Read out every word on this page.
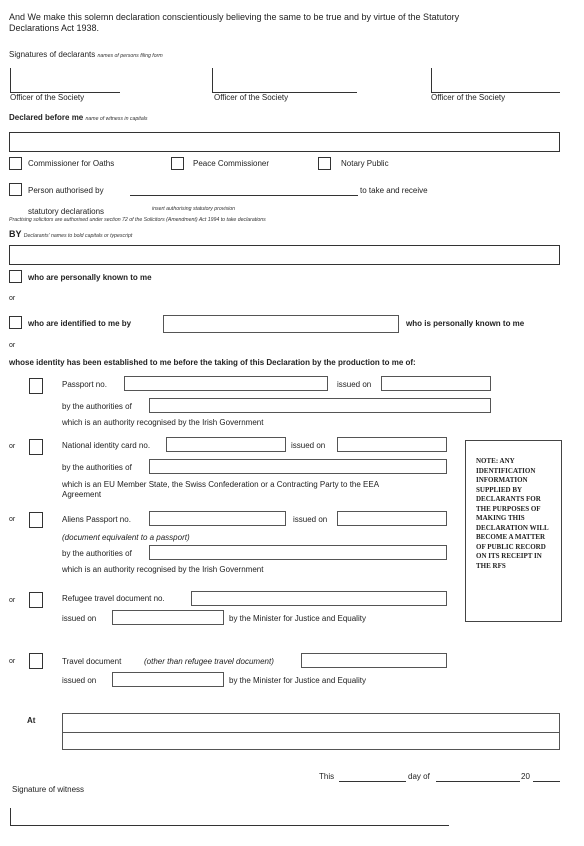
And We make this solemn declaration conscientiously believing the same to be true and by virtue of the Statutory
Declarations Act 1938.
Signatures of declarants names of persons filing form
Officer of the Society	Officer of the Society	Officer of the Society
Declared before me name of witness in capitals
Commissioner for Oaths	Peace Commissioner	Notary Public
Person authorised by	to take and receive
statutory declarations	insert authorising statutory provision
Practising solicitors are authorised under section 72 of the Solicitors (Amendment) Act 1994 to take declarations
BY Declarants' names to bold capitals or typescript
who are personally known to me
or
who are identified to me by	who is personally known to me
or
whose identity has been established to me before the taking of this Declaration by the production to me of:
Passport no.	issued on
by the authorities of
which is an authority recognised by the Irish Government
or	National identity card no.	issued on
by the authorities of
which is an EU Member State, the Swiss Confederation or a Contracting Party to the EEA
Agreement
or	Aliens Passport no.	issued on
(document equivalent to a passport)
by the authorities of
which is an authority recognised by the Irish Government
or	Refugee travel document no.
issued on	by the Minister for Justice and Equality
or	Travel document	(other than refugee travel document)
issued on	by the Minister for Justice and Equality
NOTE: ANY IDENTIFICATION INFORMATION SUPPLIED BY DECLARANTS FOR THE PURPOSES OF MAKING THIS DECLARATION WILL BECOME A MATTER OF PUBLIC RECORD ON ITS RECEIPT IN THE RFS
At
This	day of	20
Signature of witness
